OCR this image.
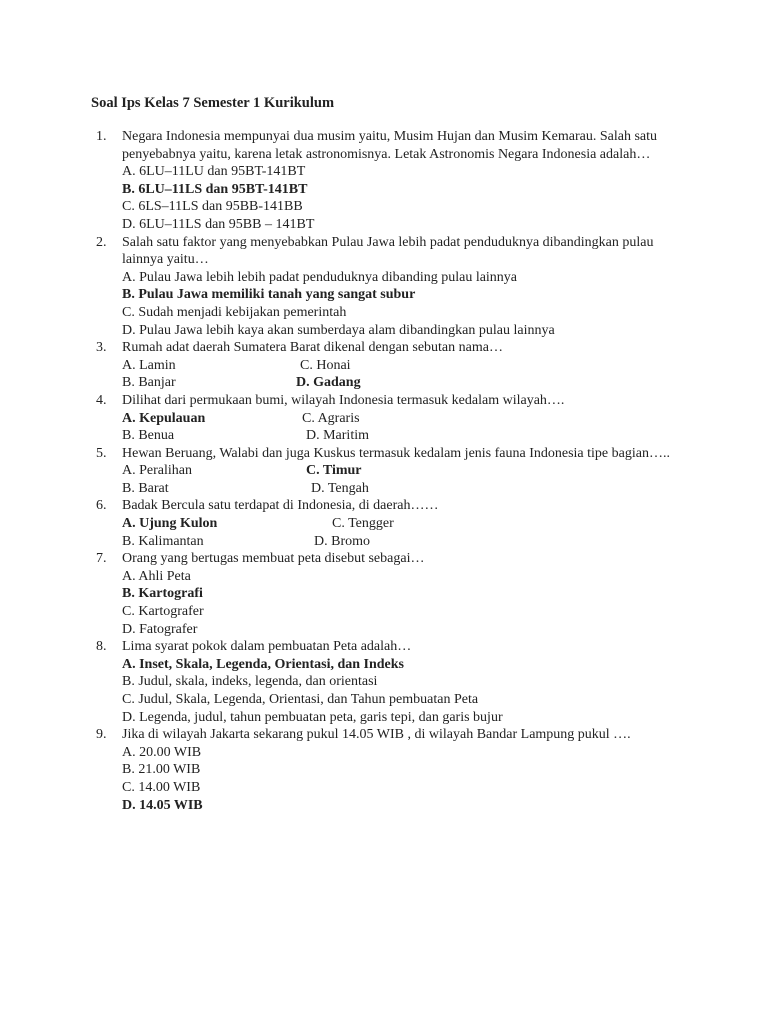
Soal Ips Kelas 7 Semester 1 Kurikulum
1. Negara Indonesia mempunyai dua musim yaitu, Musim Hujan dan Musim Kemarau. Salah satu penyebabnya yaitu, karena letak astronomisnya. Letak Astronomis Negara Indonesia adalah…
A. 6LU–11LU dan 95BT-141BT
B. 6LU–11LS dan 95BT-141BT
C. 6LS–11LS dan 95BB-141BB
D. 6LU–11LS dan 95BB – 141BT
2. Salah satu faktor yang menyebabkan Pulau Jawa lebih padat penduduknya dibandingkan pulau lainnya yaitu…
A. Pulau Jawa lebih lebih padat penduduknya dibanding pulau lainnya
B. Pulau Jawa memiliki tanah yang sangat subur
C. Sudah menjadi kebijakan pemerintah
D. Pulau Jawa lebih kaya akan sumberdaya alam dibandingkan pulau lainnya
3. Rumah adat daerah Sumatera Barat dikenal dengan sebutan nama…
A. Lamin	C. Honai
B. Banjar	D. Gadang
4. Dilihat dari permukaan bumi, wilayah Indonesia termasuk kedalam wilayah….
A. Kepulauan	C. Agraris
B. Benua	D. Maritim
5. Hewan Beruang, Walabi dan juga Kuskus termasuk kedalam jenis fauna Indonesia tipe bagian…..
A. Peralihan	C. Timur
B. Barat	D. Tengah
6. Badak Bercula satu terdapat di Indonesia, di daerah……
A. Ujung Kulon	C. Tengger
B. Kalimantan	D. Bromo
7. Orang yang bertugas membuat peta disebut sebagai…
A. Ahli Peta
B. Kartografi
C. Kartografer
D. Fatografer
8. Lima syarat pokok dalam pembuatan Peta adalah…
A. Inset, Skala, Legenda, Orientasi, dan Indeks
B. Judul, skala, indeks, legenda, dan orientasi
C. Judul, Skala, Legenda, Orientasi, dan Tahun pembuatan Peta
D. Legenda, judul, tahun pembuatan peta, garis tepi, dan garis bujur
9. Jika di wilayah Jakarta sekarang pukul 14.05 WIB , di wilayah Bandar Lampung pukul ….
A. 20.00 WIB
B. 21.00 WIB
C. 14.00 WIB
D. 14.05 WIB
